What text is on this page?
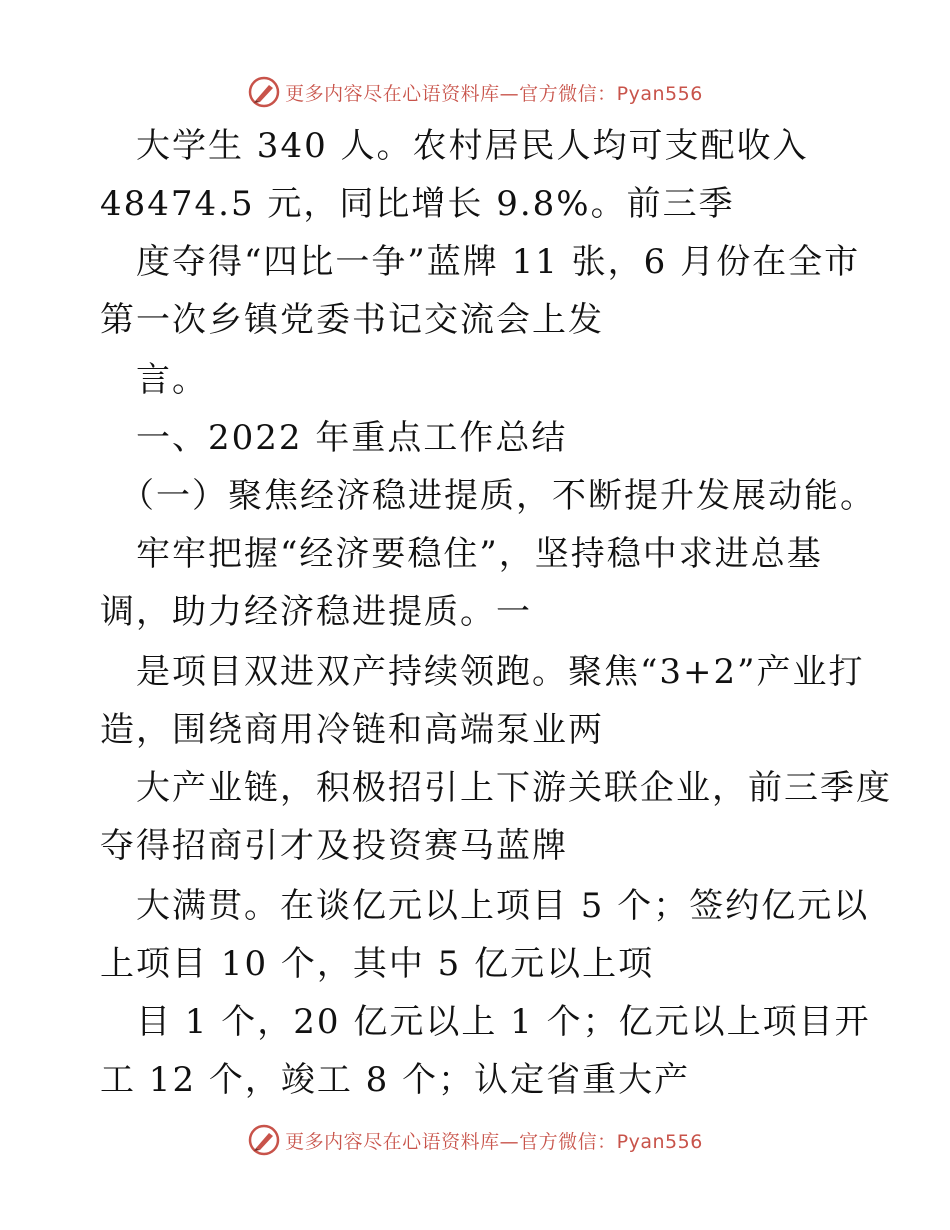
更多内容尽在心语资料库—官方微信：Pyan556
大学生 340 人。农村居民人均可支配收入
48474.5 元，同比增长 9.8%。前三季
度夺得“四比一争”蓝牌 11 张，6 月份在全市
第一次乡镇党委书记交流会上发
言。
一、2022 年重点工作总结
（一）聚焦经济稳进提质，不断提升发展动能。
牢牢把握“经济要稳住”，坚持稳中求进总基
调，助力经济稳进提质。一
是项目双进双产持续领跑。聚焦“3+2”产业打
造，围绕商用冷链和高端泵业两
大产业链，积极招引上下游关联企业，前三季度
夺得招商引才及投资赛马蓝牌
大满贯。在谈亿元以上项目 5 个；签约亿元以
上项目 10 个，其中 5 亿元以上项
目 1 个，20 亿元以上 1 个；亿元以上项目开
工 12 个，竣工 8 个；认定省重大产
更多内容尽在心语资料库—官方微信：Pyan556
